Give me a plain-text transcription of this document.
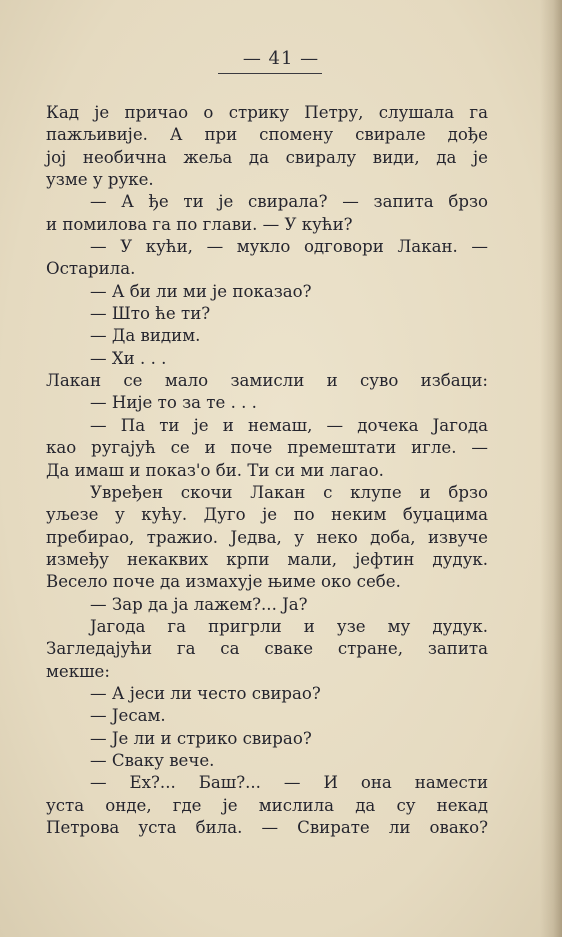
— 41 —
Кад је причао о стрику Петру, слушала га
пажљивије. А при спомену свирале дође
јој необична жеља да свиралу види, да је
узме у руке.
— А ђе ти је свирала? — запита брзо
и помилова га по глави. — У кући?
— У кући, — мукло одговори Лакан. —
Остарила.
— А би ли ми је показао?
— Што ће ти?
— Да видим.
— Хи . . .
Лакан се мало замисли и суво избаци:
— Није то за те . . .
— Па ти је и немаш, — дочека Јагода
као ругајућ се и поче премештати игле. —
Да имаш и показ'о би. Ти си ми лагао.
Увређен скочи Лакан с клупе и брзо
уљезе у кућу. Дуго је по неким буџацима
пребирао, тражио. Једва, у неко доба, извуче
између некаквих крпи мали, јефтин дудук.
Весело поче да измахује њиме око себе.
— Зар да ја лажем?... Ја?
Јагода га пригрли и узе му дудук.
Загледајући га са сваке стране, запита
мекше:
— А јеси ли често свирао?
— Јесам.
— Је ли и стрико свирао?
— Сваку вече.
— Ех?... Баш?... — И она намести
уста онде, где је мислила да су некад
Петрова уста била. — Свирате ли овако?
